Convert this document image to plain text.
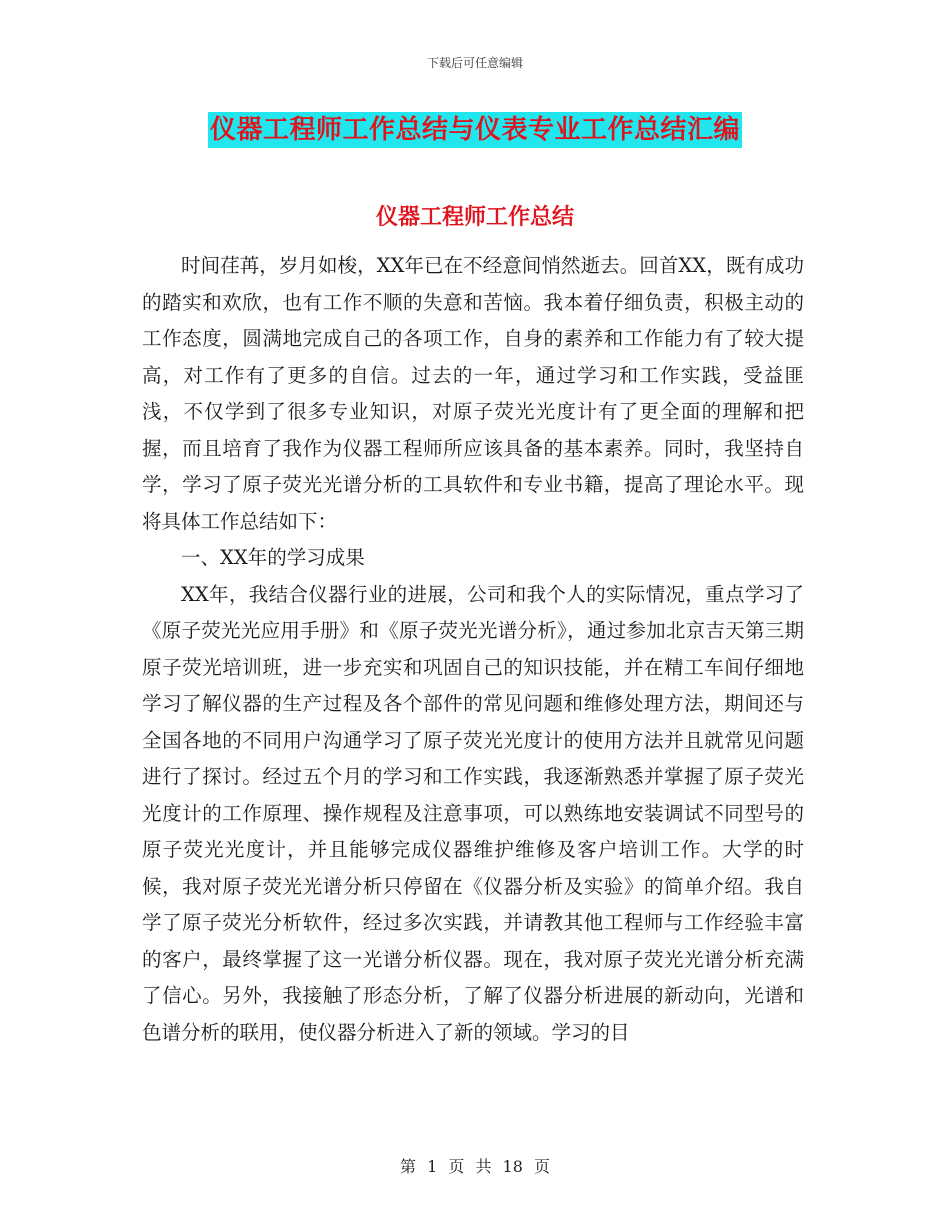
下载后可任意编辑
仪器工程师工作总结与仪表专业工作总结汇编
仪器工程师工作总结

时间荏苒，岁月如梭，XX年已在不经意间悄然逝去。回首XX，既有成功的踏实和欢欣，也有工作不顺的失意和苦恼。我本着仔细负责，积极主动的工作态度，圆满地完成自己的各项工作，自身的素养和工作能力有了较大提高，对工作有了更多的自信。过去的一年，通过学习和工作实践，受益匪浅，不仅学到了很多专业知识，对原子荧光光度计有了更全面的理解和把握，而且培育了我作为仪器工程师所应该具备的基本素养。同时，我坚持自学，学习了原子荧光光谱分析的工具软件和专业书籍，提高了理论水平。现将具体工作总结如下：

一、XX年的学习成果

XX年，我结合仪器行业的进展，公司和我个人的实际情况，重点学习了《原子荧光光应用手册》和《原子荧光光谱分析》，通过参加北京吉天第三期原子荧光培训班，进一步充实和巩固自己的知识技能，并在精工车间仔细地学习了解仪器的生产过程及各个部件的常见问题和维修处理方法，期间还与全国各地的不同用户沟通学习了原子荧光光度计的使用方法并且就常见问题进行了探讨。经过五个月的学习和工作实践，我逐渐熟悉并掌握了原子荧光光度计的工作原理、操作规程及注意事项，可以熟练地安装调试不同型号的原子荧光光度计，并且能够完成仪器维护维修及客户培训工作。大学的时候，我对原子荧光光谱分析只停留在《仪器分析及实验》的简单介绍。我自学了原子荧光分析软件，经过多次实践，并请教其他工程师与工作经验丰富的客户，最终掌握了这一光谱分析仪器。现在，我对原子荧光光谱分析充满了信心。另外，我接触了形态分析，了解了仪器分析进展的新动向，光谱和色谱分析的联用，使仪器分析进入了新的领域。学习的目

第 1 页 共 18 页
